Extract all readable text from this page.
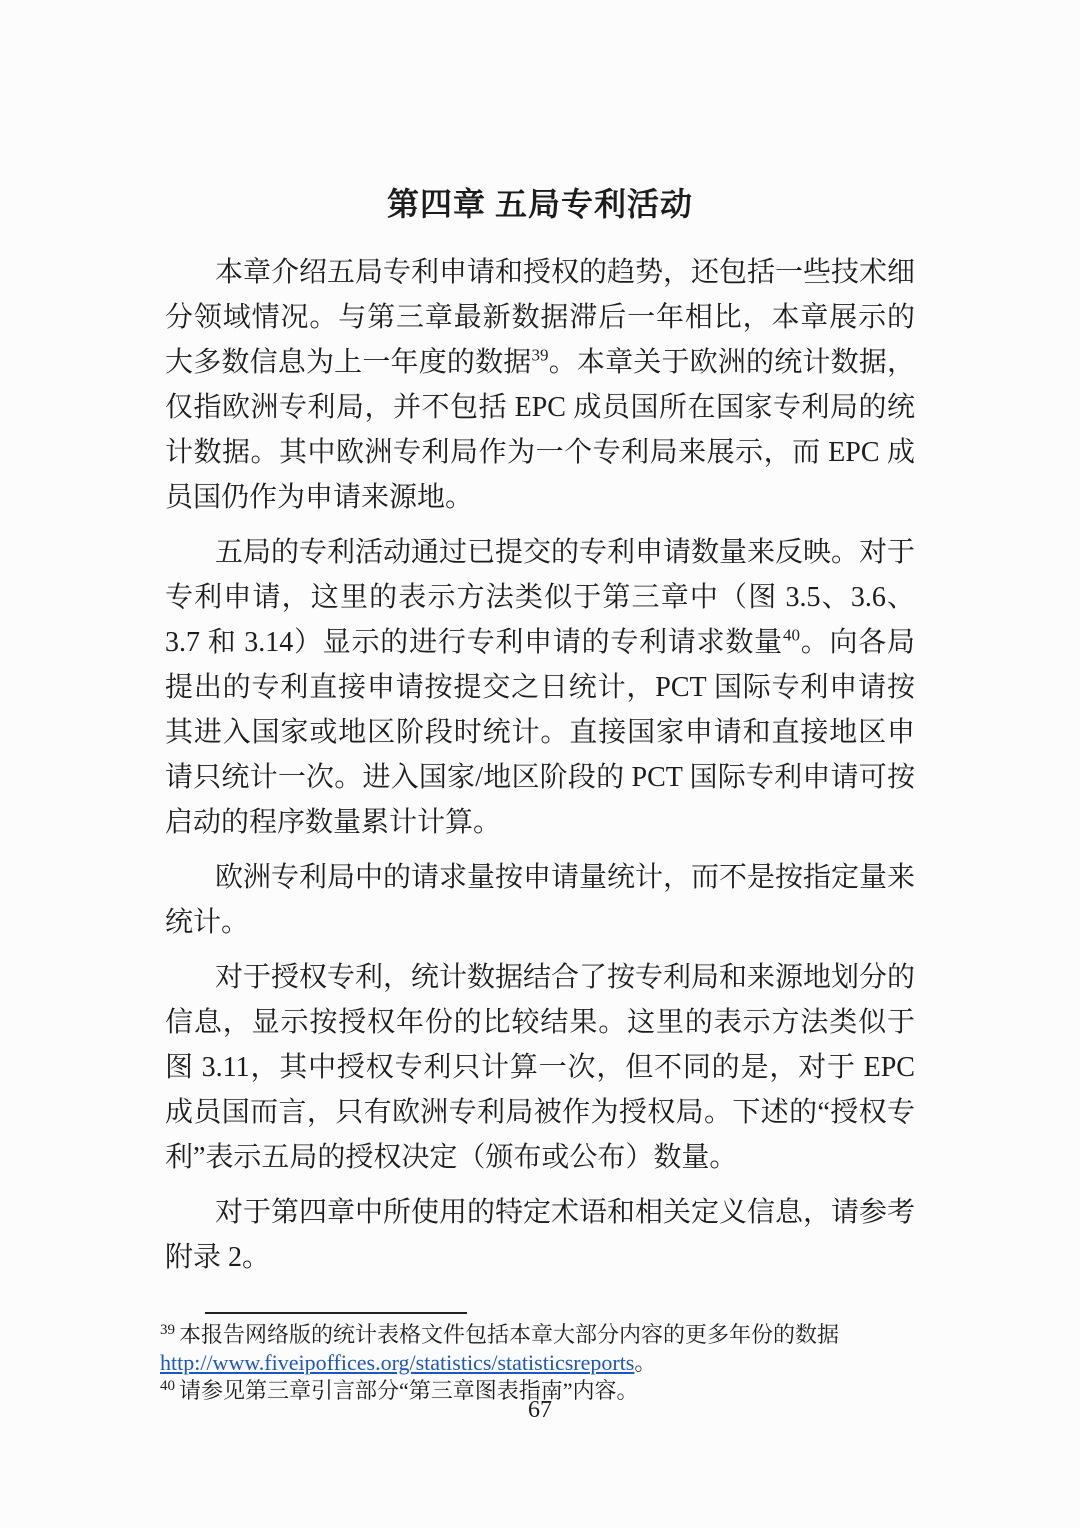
第四章 五局专利活动

本章介绍五局专利申请和授权的趋势，还包括一些技术细分领域情况。与第三章最新数据滞后一年相比，本章展示的大多数信息为上一年度的数据$^{39}$。本章关于欧洲的统计数据，仅指欧洲专利局，并不包括 EPC 成员国所在国家专利局的统计数据。其中欧洲专利局作为一个专利局来展示，而 EPC 成员国仍作为申请来源地。

五局的专利活动通过已提交的专利申请数量来反映。对于专利申请，这里的表示方法类似于第三章中（图 3.5、3.6、3.7 和 3.14）显示的进行专利申请的专利请求数量$^{40}$。向各局提出的专利直接申请按提交之日统计，PCT 国际专利申请按其进入国家或地区阶段时统计。直接国家申请和直接地区申请只统计一次。进入国家/地区阶段的 PCT 国际专利申请可按启动的程序数量累计计算。

欧洲专利局中的请求量按申请量统计，而不是按指定量来统计。

对于授权专利，统计数据结合了按专利局和来源地划分的信息，显示按授权年份的比较结果。这里的表示方法类似于图 3.11，其中授权专利只计算一次，但不同的是，对于 EPC 成员国而言，只有欧洲专利局被作为授权局。下述的“授权专利”表示五局的授权决定（颁布或公布）数量。

对于第四章中所使用的特定术语和相关定义信息，请参考附录 2。

$^{39}$ 本报告网络版的统计表格文件包括本章大部分内容的更多年份的数据
http://www.fiveipoffices.org/statistics/statisticsreports。

$^{40}$ 请参见第三章引言部分“第三章图表指南”内容。

67
